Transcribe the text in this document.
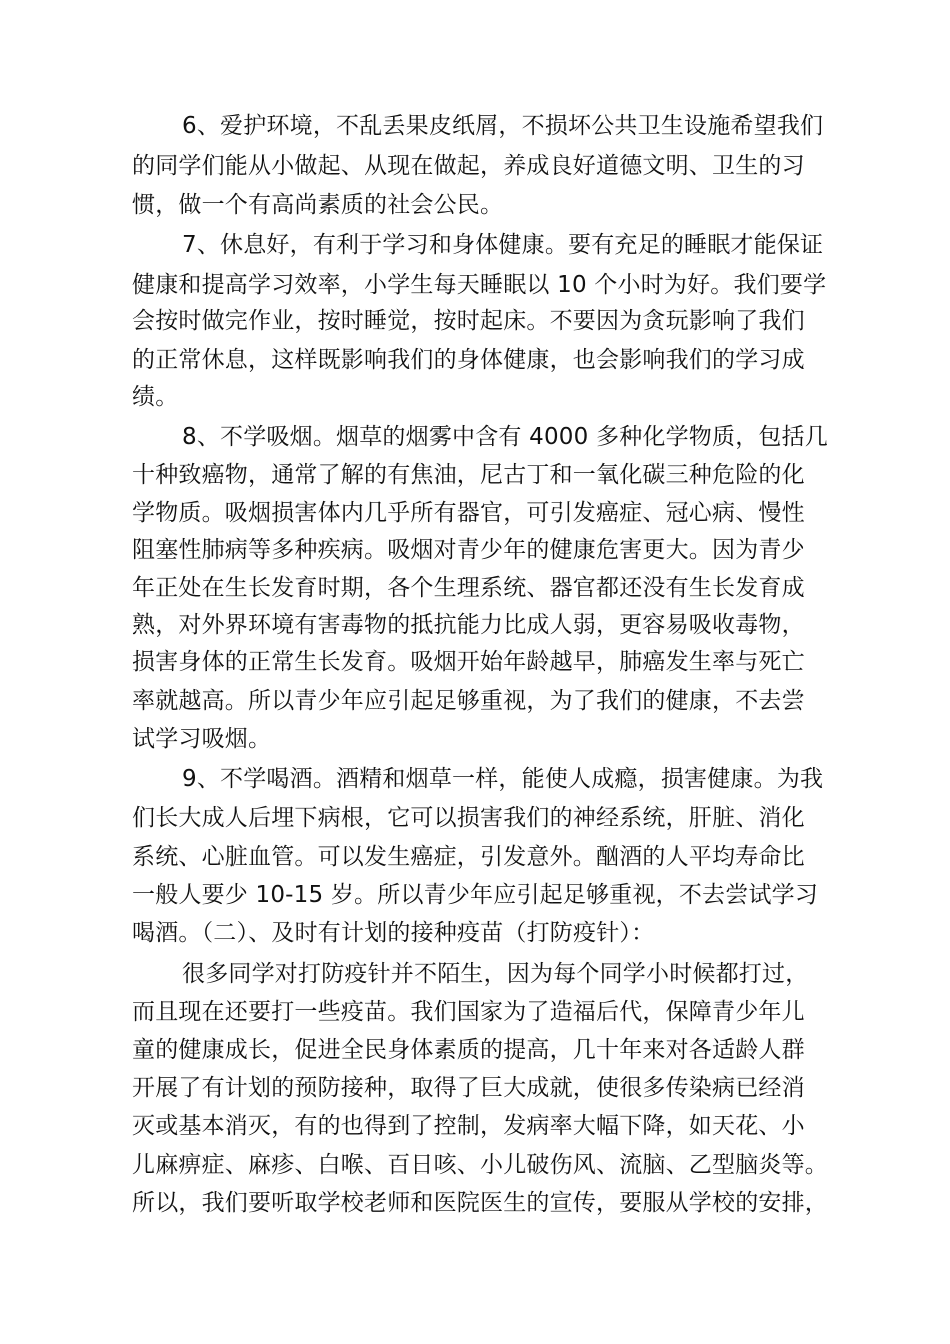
6、爱护环境，不乱丢果皮纸屑，不损坏公共卫生设施希望我们
的同学们能从小做起、从现在做起，养成良好道德文明、卫生的习
惯，做一个有高尚素质的社会公民。
7、休息好，有利于学习和身体健康。要有充足的睡眠才能保证
健康和提高学习效率，小学生每天睡眠以 10 个小时为好。我们要学
会按时做完作业，按时睡觉，按时起床。不要因为贪玩影响了我们
的正常休息，这样既影响我们的身体健康，也会影响我们的学习成
绩。
8、不学吸烟。烟草的烟雾中含有 4000 多种化学物质，包括几
十种致癌物，通常了解的有焦油，尼古丁和一氧化碳三种危险的化
学物质。吸烟损害体内几乎所有器官，可引发癌症、冠心病、慢性
阻塞性肺病等多种疾病。吸烟对青少年的健康危害更大。因为青少
年正处在生长发育时期，各个生理系统、器官都还没有生长发育成
熟，对外界环境有害毒物的抵抗能力比成人弱，更容易吸收毒物，
损害身体的正常生长发育。吸烟开始年龄越早，肺癌发生率与死亡
率就越高。所以青少年应引起足够重视，为了我们的健康，不去尝
试学习吸烟。
9、不学喝酒。酒精和烟草一样，能使人成瘾，损害健康。为我
们长大成人后埋下病根，它可以损害我们的神经系统，肝脏、消化
系统、心脏血管。可以发生癌症，引发意外。酗酒的人平均寿命比
一般人要少 10-15 岁。所以青少年应引起足够重视，不去尝试学习
喝酒。（二）、及时有计划的接种疫苗（打防疫针）：
很多同学对打防疫针并不陌生，因为每个同学小时候都打过，
而且现在还要打一些疫苗。我们国家为了造福后代，保障青少年儿
童的健康成长，促进全民身体素质的提高，几十年来对各适龄人群
开展了有计划的预防接种，取得了巨大成就，使很多传染病已经消
灭或基本消灭，有的也得到了控制，发病率大幅下降，如天花、小
儿麻痹症、麻疹、白喉、百日咳、小儿破伤风、流脑、乙型脑炎等。
所以，我们要听取学校老师和医院医生的宣传，要服从学校的安排，
